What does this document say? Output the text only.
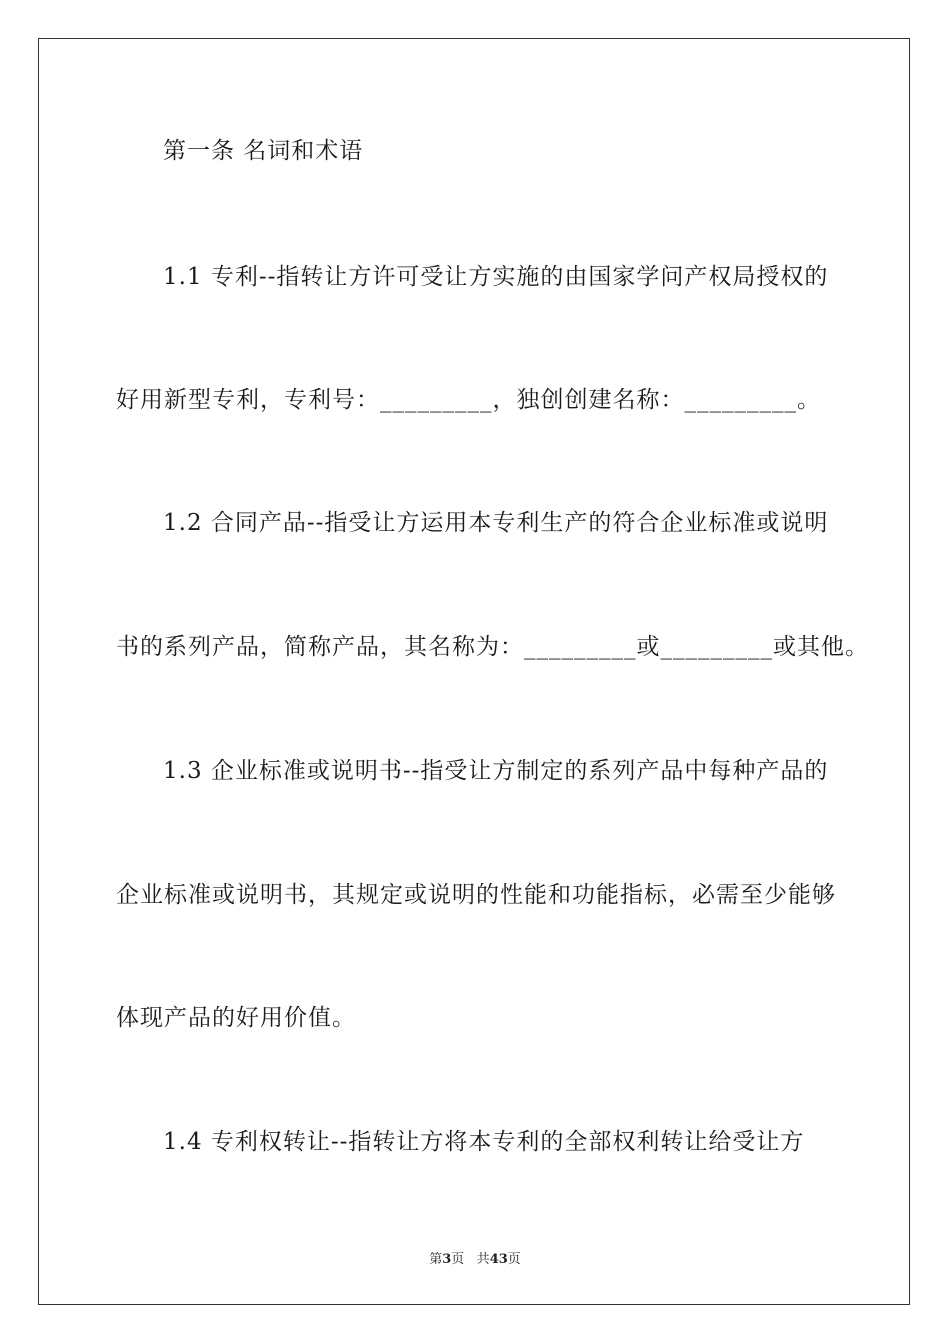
第一条 名词和术语
1.1 专利--指转让方许可受让方实施的由国家学问产权局授权的
好用新型专利，专利号：_________，独创创建名称：_________。
1.2 合同产品--指受让方运用本专利生产的符合企业标准或说明
书的系列产品，简称产品，其名称为：_________或_________或其他。
1.3 企业标准或说明书--指受让方制定的系列产品中每种产品的
企业标准或说明书，其规定或说明的性能和功能指标，必需至少能够
体现产品的好用价值。
1.4 专利权转让--指转让方将本专利的全部权利转让给受让方
第3页 共43页
